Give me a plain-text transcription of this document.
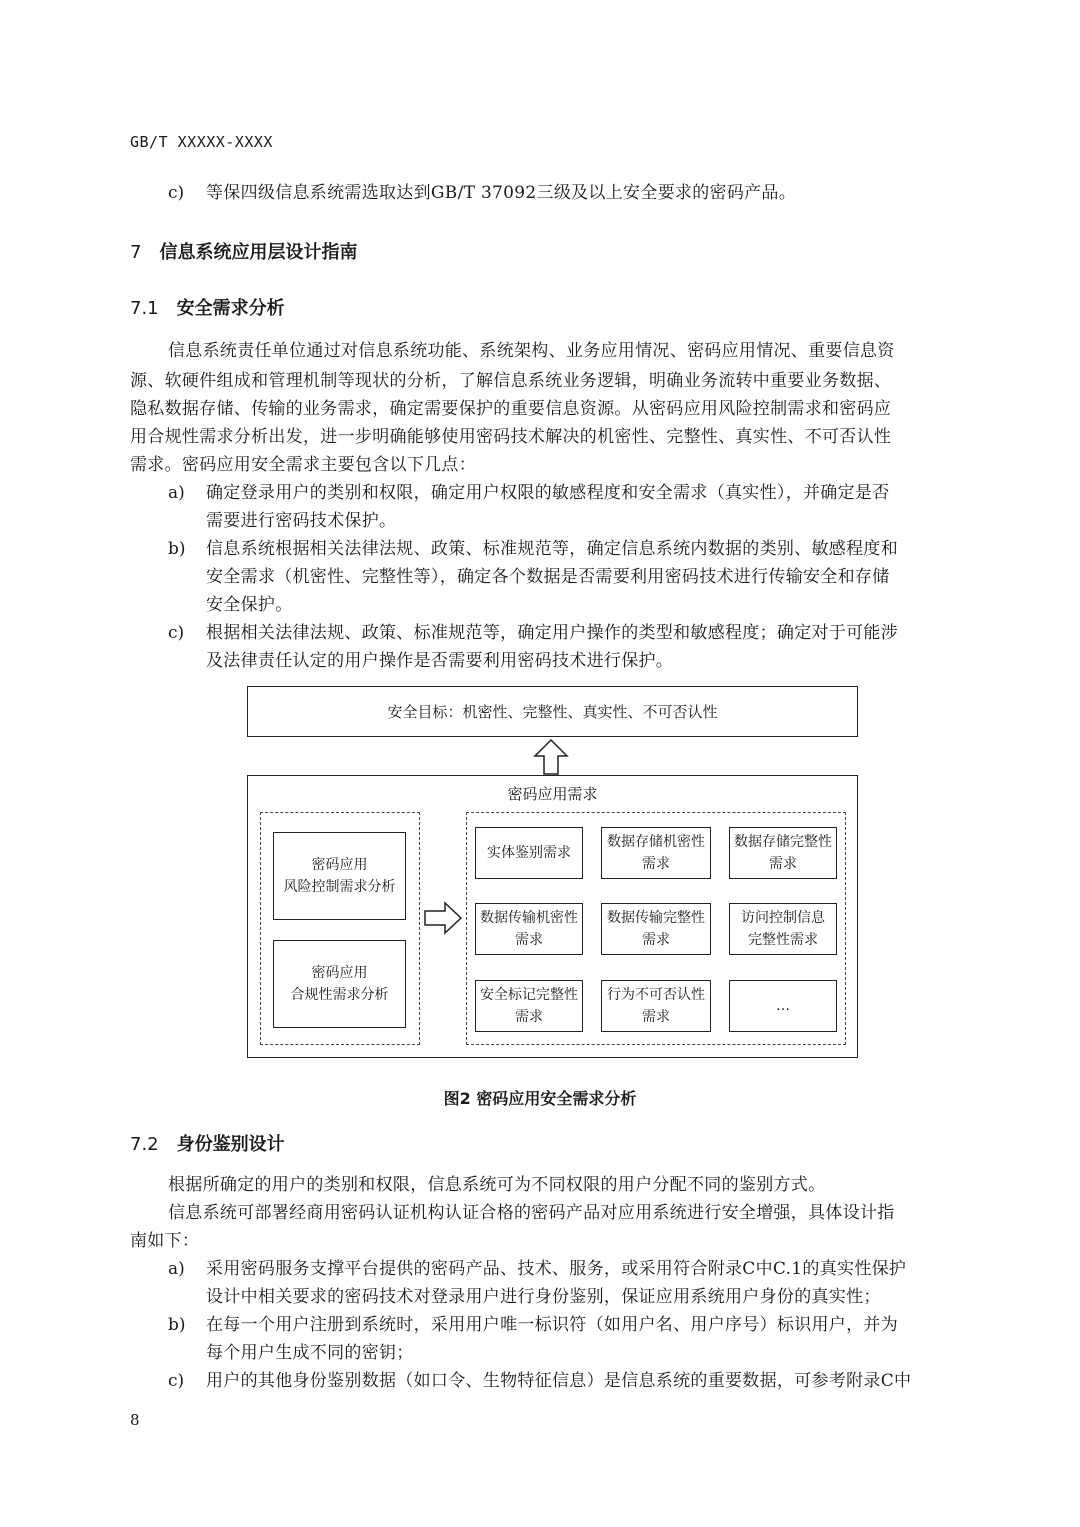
GB/T XXXXX-XXXX
c) 等保四级信息系统需选取达到GB/T 37092三级及以上安全要求的密码产品。
7 信息系统应用层设计指南
7.1 安全需求分析
信息系统责任单位通过对信息系统功能、系统架构、业务应用情况、密码应用情况、重要信息资
源、软硬件组成和管理机制等现状的分析，了解信息系统业务逻辑，明确业务流转中重要业务数据、
隐私数据存储、传输的业务需求，确定需要保护的重要信息资源。从密码应用风险控制需求和密码应
用合规性需求分析出发，进一步明确能够使用密码技术解决的机密性、完整性、真实性、不可否认性
需求。密码应用安全需求主要包含以下几点：
a) 确定登录用户的类别和权限，确定用户权限的敏感程度和安全需求（真实性），并确定是否
需要进行密码技术保护。
b) 信息系统根据相关法律法规、政策、标准规范等，确定信息系统内数据的类别、敏感程度和
安全需求（机密性、完整性等），确定各个数据是否需要利用密码技术进行传输安全和存储
安全保护。
c) 根据相关法律法规、政策、标准规范等，确定用户操作的类型和敏感程度；确定对于可能涉
及法律责任认定的用户操作是否需要利用密码技术进行保护。
安全目标：机密性、完整性、真实性、不可否认性
密码应用需求
密码应用
风险控制需求分析
密码应用
合规性需求分析
实体鉴别需求
数据存储机密性
需求
数据存储完整性
需求
数据传输机密性
需求
数据传输完整性
需求
访问控制信息
完整性需求
安全标记完整性
需求
行为不可否认性
需求
…
图2 密码应用安全需求分析
7.2 身份鉴别设计
根据所确定的用户的类别和权限，信息系统可为不同权限的用户分配不同的鉴别方式。
信息系统可部署经商用密码认证机构认证合格的密码产品对应用系统进行安全增强，具体设计指
南如下：
a) 采用密码服务支撑平台提供的密码产品、技术、服务，或采用符合附录C中C.1的真实性保护
设计中相关要求的密码技术对登录用户进行身份鉴别，保证应用系统用户身份的真实性；
b) 在每一个用户注册到系统时，采用用户唯一标识符（如用户名、用户序号）标识用户，并为
每个用户生成不同的密钥；
c) 用户的其他身份鉴别数据（如口令、生物特征信息）是信息系统的重要数据，可参考附录C中
8
